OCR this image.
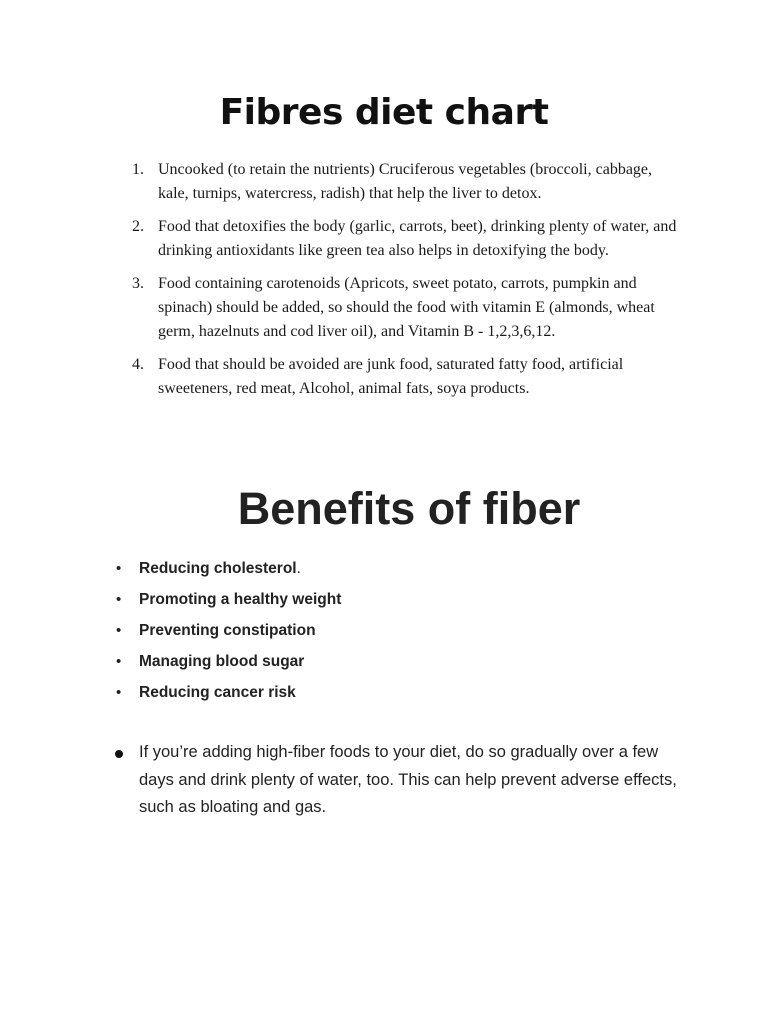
Fibres diet chart
1. Uncooked (to retain the nutrients) Cruciferous vegetables (broccoli, cabbage, kale, turnips, watercress, radish) that help the liver to detox.
2. Food that detoxifies the body (garlic, carrots, beet), drinking plenty of water, and drinking antioxidants like green tea also helps in detoxifying the body.
3. Food containing carotenoids (Apricots, sweet potato, carrots, pumpkin and spinach) should be added, so should the food with vitamin E (almonds, wheat germ, hazelnuts and cod liver oil), and Vitamin B - 1,2,3,6,12.
4. Food that should be avoided are junk food, saturated fatty food, artificial sweeteners, red meat, Alcohol, animal fats, soya products.
Benefits of fiber
• Reducing cholesterol.
• Promoting a healthy weight
• Preventing constipation
• Managing blood sugar
• Reducing cancer risk
If you’re adding high-fiber foods to your diet, do so gradually over a few days and drink plenty of water, too. This can help prevent adverse effects, such as bloating and gas.
